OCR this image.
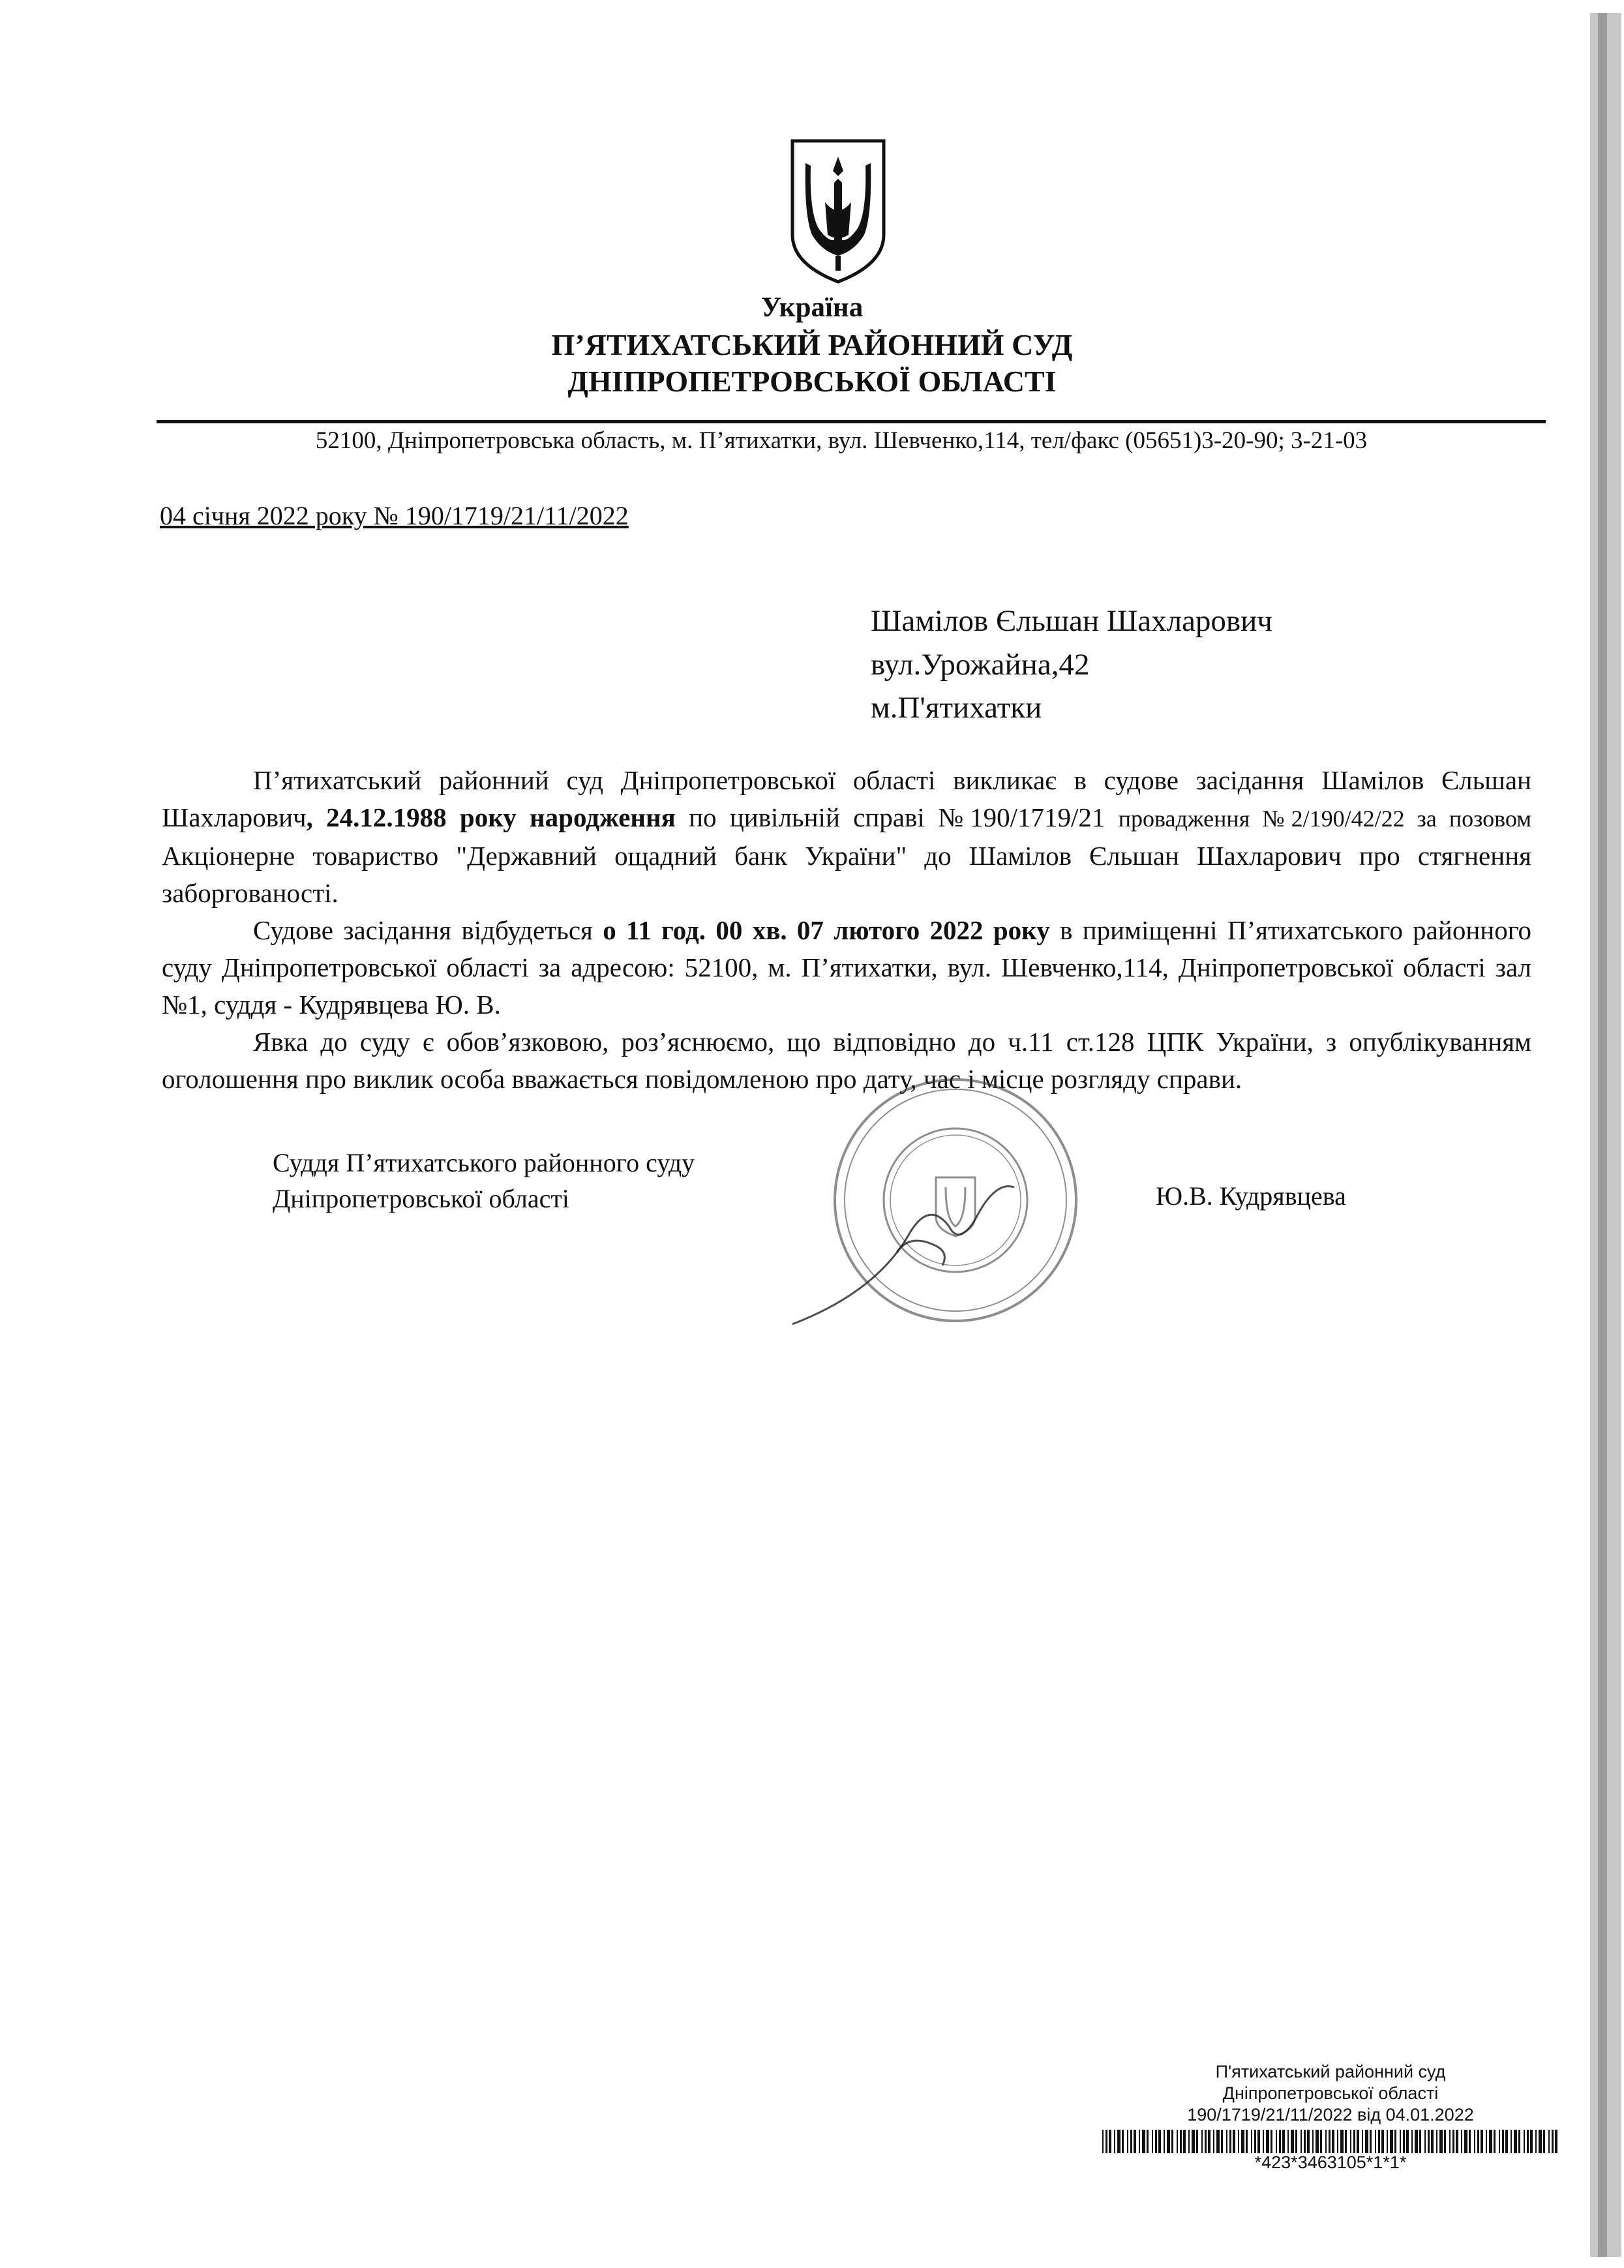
Україна
П’ЯТИХАТСЬКИЙ РАЙОННИЙ СУД
ДНІПРОПЕТРОВСЬКОЇ ОБЛАСТІ
52100, Дніпропетровська область, м. П’ятихатки, вул. Шевченко,114, тел/факс (05651)3-20-90; 3-21-03
04 січня 2022 року № 190/1719/21/11/2022
Шамілов Єльшан Шахларович
вул.Урожайна,42
м.П'ятихатки

П’ятихатський районний суд Дніпропетровської області викликає в судове засідання Шамілов Єльшан Шахларович, 24.12.1988 року народження по цивільній справі №190/1719/21 провадження №2/190/42/22 за позовом Акціонерне товариство "Державний ощадний банк України" до Шамілов Єльшан Шахларович про стягнення заборгованості.

Судове засідання відбудеться о 11 год. 00 хв. 07 лютого 2022 року в приміщенні П’ятихатського районного суду Дніпропетровської області за адресою: 52100, м. П’ятихатки, вул. Шевченко,114, Дніпропетровської області зал №1, суддя - Кудрявцева Ю. В.

Явка до суду є обов’язковою, роз’яснюємо, що відповідно до ч.11 ст.128 ЦПК України, з опублікуванням оголошення про виклик особа вважається повідомленою про дату, час і місце розгляду справи.

Суддя П’ятихатського районного суду
Дніпропетровської області	Ю.В. Кудрявцева
П'ятихатський районний суд
Дніпропетровської області
190/1719/21/11/2022 від 04.01.2022
*423*3463105*1*1*
